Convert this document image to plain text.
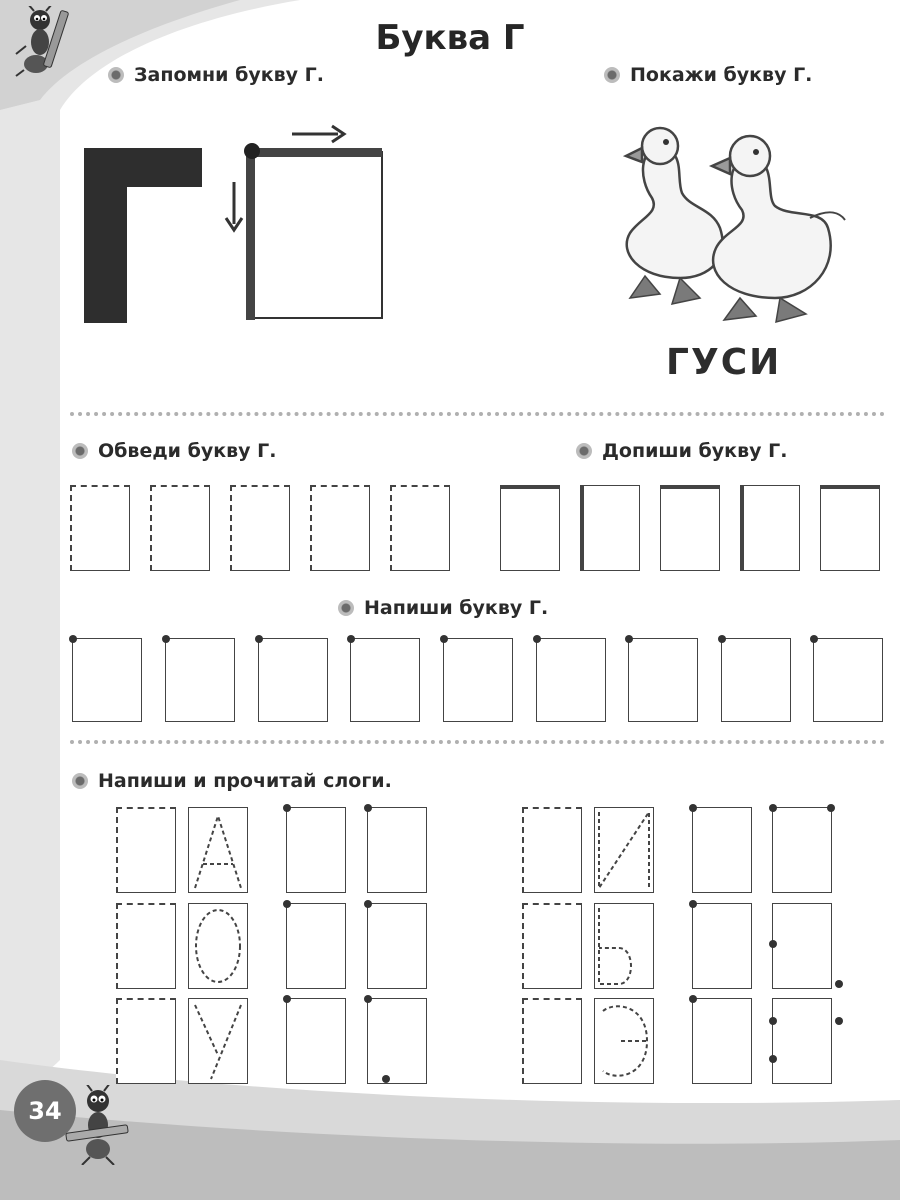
Буква Г
Запомни букву Г.	Покажи букву Г.
ГУСИ
Обведи букву Г.	Допиши букву Г.
Напиши букву Г.
Напиши и прочитай слоги.
34
